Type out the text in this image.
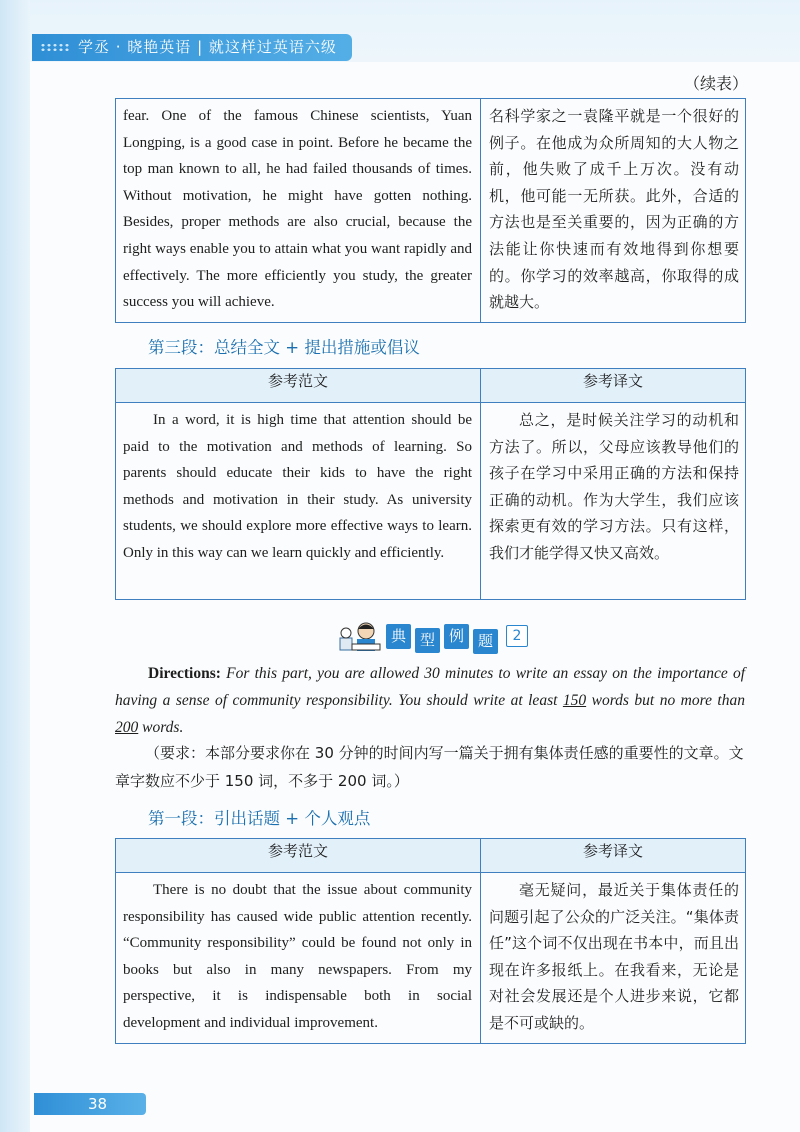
学丞 · 晓艳英语 | 就这样过英语六级
（续表）
fear. One of the famous Chinese scientists, Yuan Longping, is a good case in point. Before he became the top man known to all, he had failed thousands of times. Without motivation, he might have gotten nothing. Besides, proper methods are also crucial, because the right ways enable you to attain what you want rapidly and effectively. The more efficiently you study, the greater success you will achieve.	名科学家之一袁隆平就是一个很好的例子。在他成为众所周知的大人物之前，他失败了成千上万次。没有动机，他可能一无所获。此外，合适的方法也是至关重要的，因为正确的方法能让你快速而有效地得到你想要的。你学习的效率越高，你取得的成就越大。
第三段：总结全文 + 提出措施或倡议
参考范文	参考译文
In a word, it is high time that attention should be paid to the motivation and methods of learning. So parents should educate their kids to have the right methods and motivation in their study. As university students, we should explore more effective ways to learn. Only in this way can we learn quickly and efficiently.	总之，是时候关注学习的动机和方法了。所以，父母应该教导他们的孩子在学习中采用正确的方法和保持正确的动机。作为大学生，我们应该探索更有效的学习方法。只有这样，我们才能学得又快又高效。
典 型 例 题	2
Directions: For this part, you are allowed 30 minutes to write an essay on the importance of having a sense of community responsibility. You should write at least 150 words but no more than 200 words.
（要求：本部分要求你在 30 分钟的时间内写一篇关于拥有集体责任感的重要性的文章。文章字数应不少于 150 词，不多于 200 词。）
第一段：引出话题 + 个人观点
参考范文	参考译文
There is no doubt that the issue about community responsibility has caused wide public attention recently. “Community responsibility” could be found not only in books but also in many newspapers. From my perspective, it is indispensable both in social development and individual improvement.	毫无疑问，最近关于集体责任的问题引起了公众的广泛关注。“集体责任”这个词不仅出现在书本中，而且出现在许多报纸上。在我看来，无论是对社会发展还是个人进步来说，它都是不可或缺的。
38
